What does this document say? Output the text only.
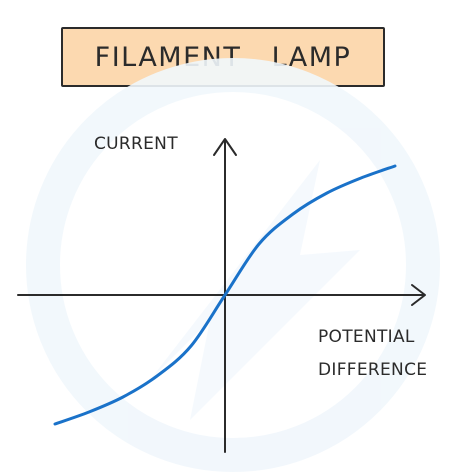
FILAMENT   LAMP
CURRENT
POTENTIAL
DIFFERENCE
